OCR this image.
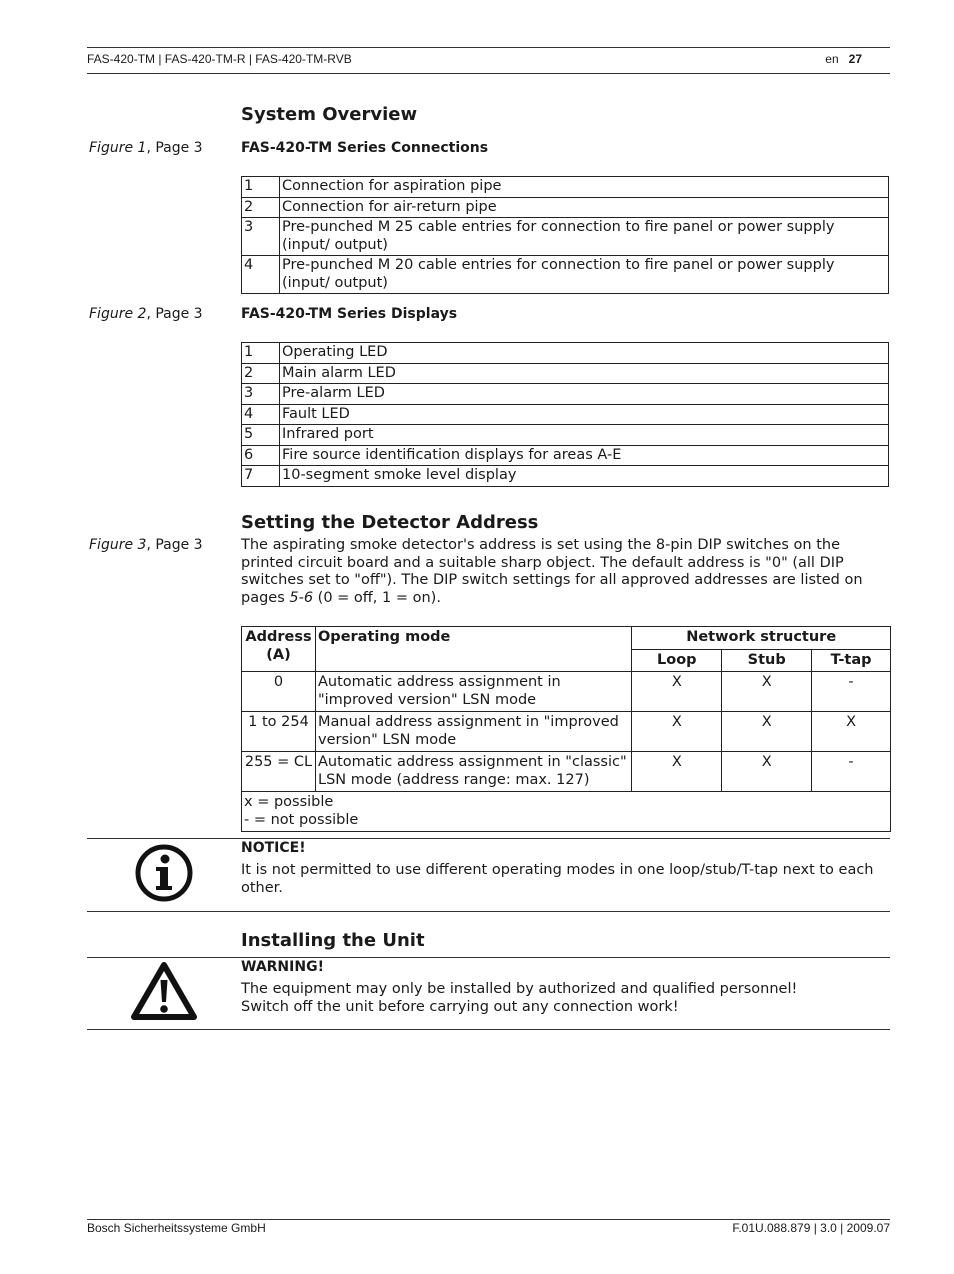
FAS-420-TM | FAS-420-TM-R | FAS-420-TM-RVB	en 27
System Overview
Figure 1, Page 3	FAS-420-TM Series Connections
1	Connection for aspiration pipe
2	Connection for air-return pipe
3	Pre-punched M 25 cable entries for connection to fire panel or power supply (input/ output)
4	Pre-punched M 20 cable entries for connection to fire panel or power supply (input/ output)
Figure 2, Page 3	FAS-420-TM Series Displays
1	Operating LED
2	Main alarm LED
3	Pre-alarm LED
4	Fault LED
5	Infrared port
6	Fire source identification displays for areas A-E
7	10-segment smoke level display
Setting the Detector Address
Figure 3, Page 3	The aspirating smoke detector's address is set using the 8-pin DIP switches on the printed circuit board and a suitable sharp object. The default address is "0" (all DIP switches set to "off"). The DIP switch settings for all approved addresses are listed on pages 5-6 (0 = off, 1 = on).
Address (A)	Operating mode	Network structure		
		Loop	Stub	T-tap
0	Automatic address assignment in "improved version" LSN mode	X	X	-
1 to 254	Manual address assignment in "improved version" LSN mode	X	X	X
255 = CL	Automatic address assignment in "classic" LSN mode (address range: max. 127)	X	X	-

x = possible
- = not possible				
NOTICE!
It is not permitted to use different operating modes in one loop/stub/T-tap next to each other.
Installing the Unit
WARNING!
The equipment may only be installed by authorized and qualified personnel!
Switch off the unit before carrying out any connection work!
Bosch Sicherheitssysteme GmbH	F.01U.088.879 | 3.0 | 2009.07
